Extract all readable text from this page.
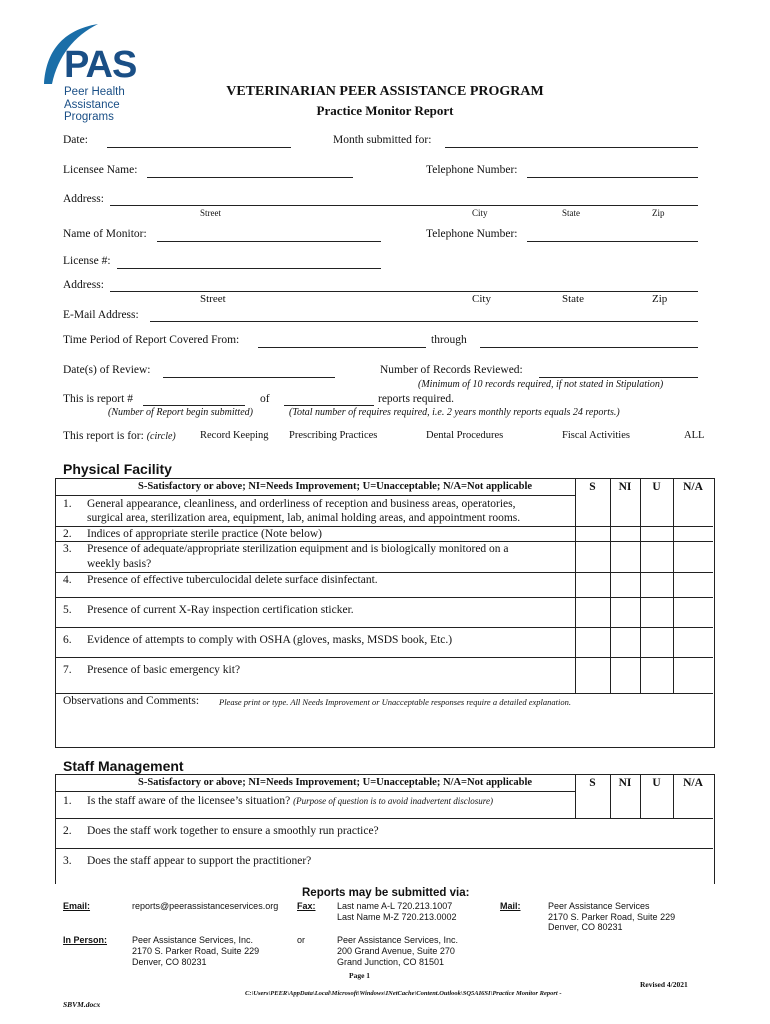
PAS
Peer Health
Assistance Programs
VETERINARIAN PEER ASSISTANCE PROGRAM
Practice Monitor Report
Date:	Month submitted for:
Licensee Name:	Telephone Number:
Address:
Street	City	State	Zip
Name of Monitor:	Telephone Number:
License #:
Address:
Street	City	State	Zip
E-Mail Address:
Time Period of Report Covered From:	through
Date(s) of Review:	Number of Records Reviewed:
(Minimum of 10 records required, if not stated in Stipulation)
This is report #	of	reports required.
(Number of Report begin submitted)	(Total number of requires required, i.e. 2 years monthly reports equals 24 reports.)
This report is for: (circle) Record Keeping Prescribing Practices	Dental Procedures	Fiscal Activities	ALL
Physical Facility
S-Satisfactory or above; NI=Needs Improvement; U=Unacceptable; N/A=Not applicable	S	NI	U	N/A
1. General appearance, cleanliness, and orderliness of reception and business areas, operatories,
surgical area, sterilization area, equipment, lab, animal holding areas, and appointment rooms.
2. Indices of appropriate sterile practice (Note below)
3. Presence of adequate/appropriate sterilization equipment and is biologically monitored on a
weekly basis?
4. Presence of effective tuberculocidal delete surface disinfectant.
5. Presence of current X-Ray inspection certification sticker.
6. Evidence of attempts to comply with OSHA (gloves, masks, MSDS book, Etc.)
7. Presence of basic emergency kit?
Observations and Comments: Please print or type. All Needs Improvement or Unacceptable responses require a detailed explanation.
Staff Management
S-Satisfactory or above; NI=Needs Improvement; U=Unacceptable; N/A=Not applicable	S	NI	U	N/A
1. Is the staff aware of the licensee’s situation? (Purpose of question is to avoid inadvertent disclosure)
2. Does the staff work together to ensure a smoothly run practice?
3. Does the staff appear to support the practitioner?
Reports may be submitted via:
Email:	reports@peerassistanceservices.org Fax: Last name A-L 720.213.1007
Last Name M-Z 720.213.0002
Mail:	Peer Assistance Services
2170 S. Parker Road, Suite 229
Denver, CO 80231
In Person:	Peer Assistance Services, Inc.
2170 S. Parker Road, Suite 229
Denver, CO 80231
or	Peer Assistance Services, Inc.
200 Grand Avenue, Suite 270
Grand Junction, CO 81501
Page 1
Revised 4/2021
C:\Users\PEER\AppData\Local\Microsoft\Windows\INetCache\Content.Outlook\SQ5AI6SI\Practice Monitor Report -
SBVM.docx
